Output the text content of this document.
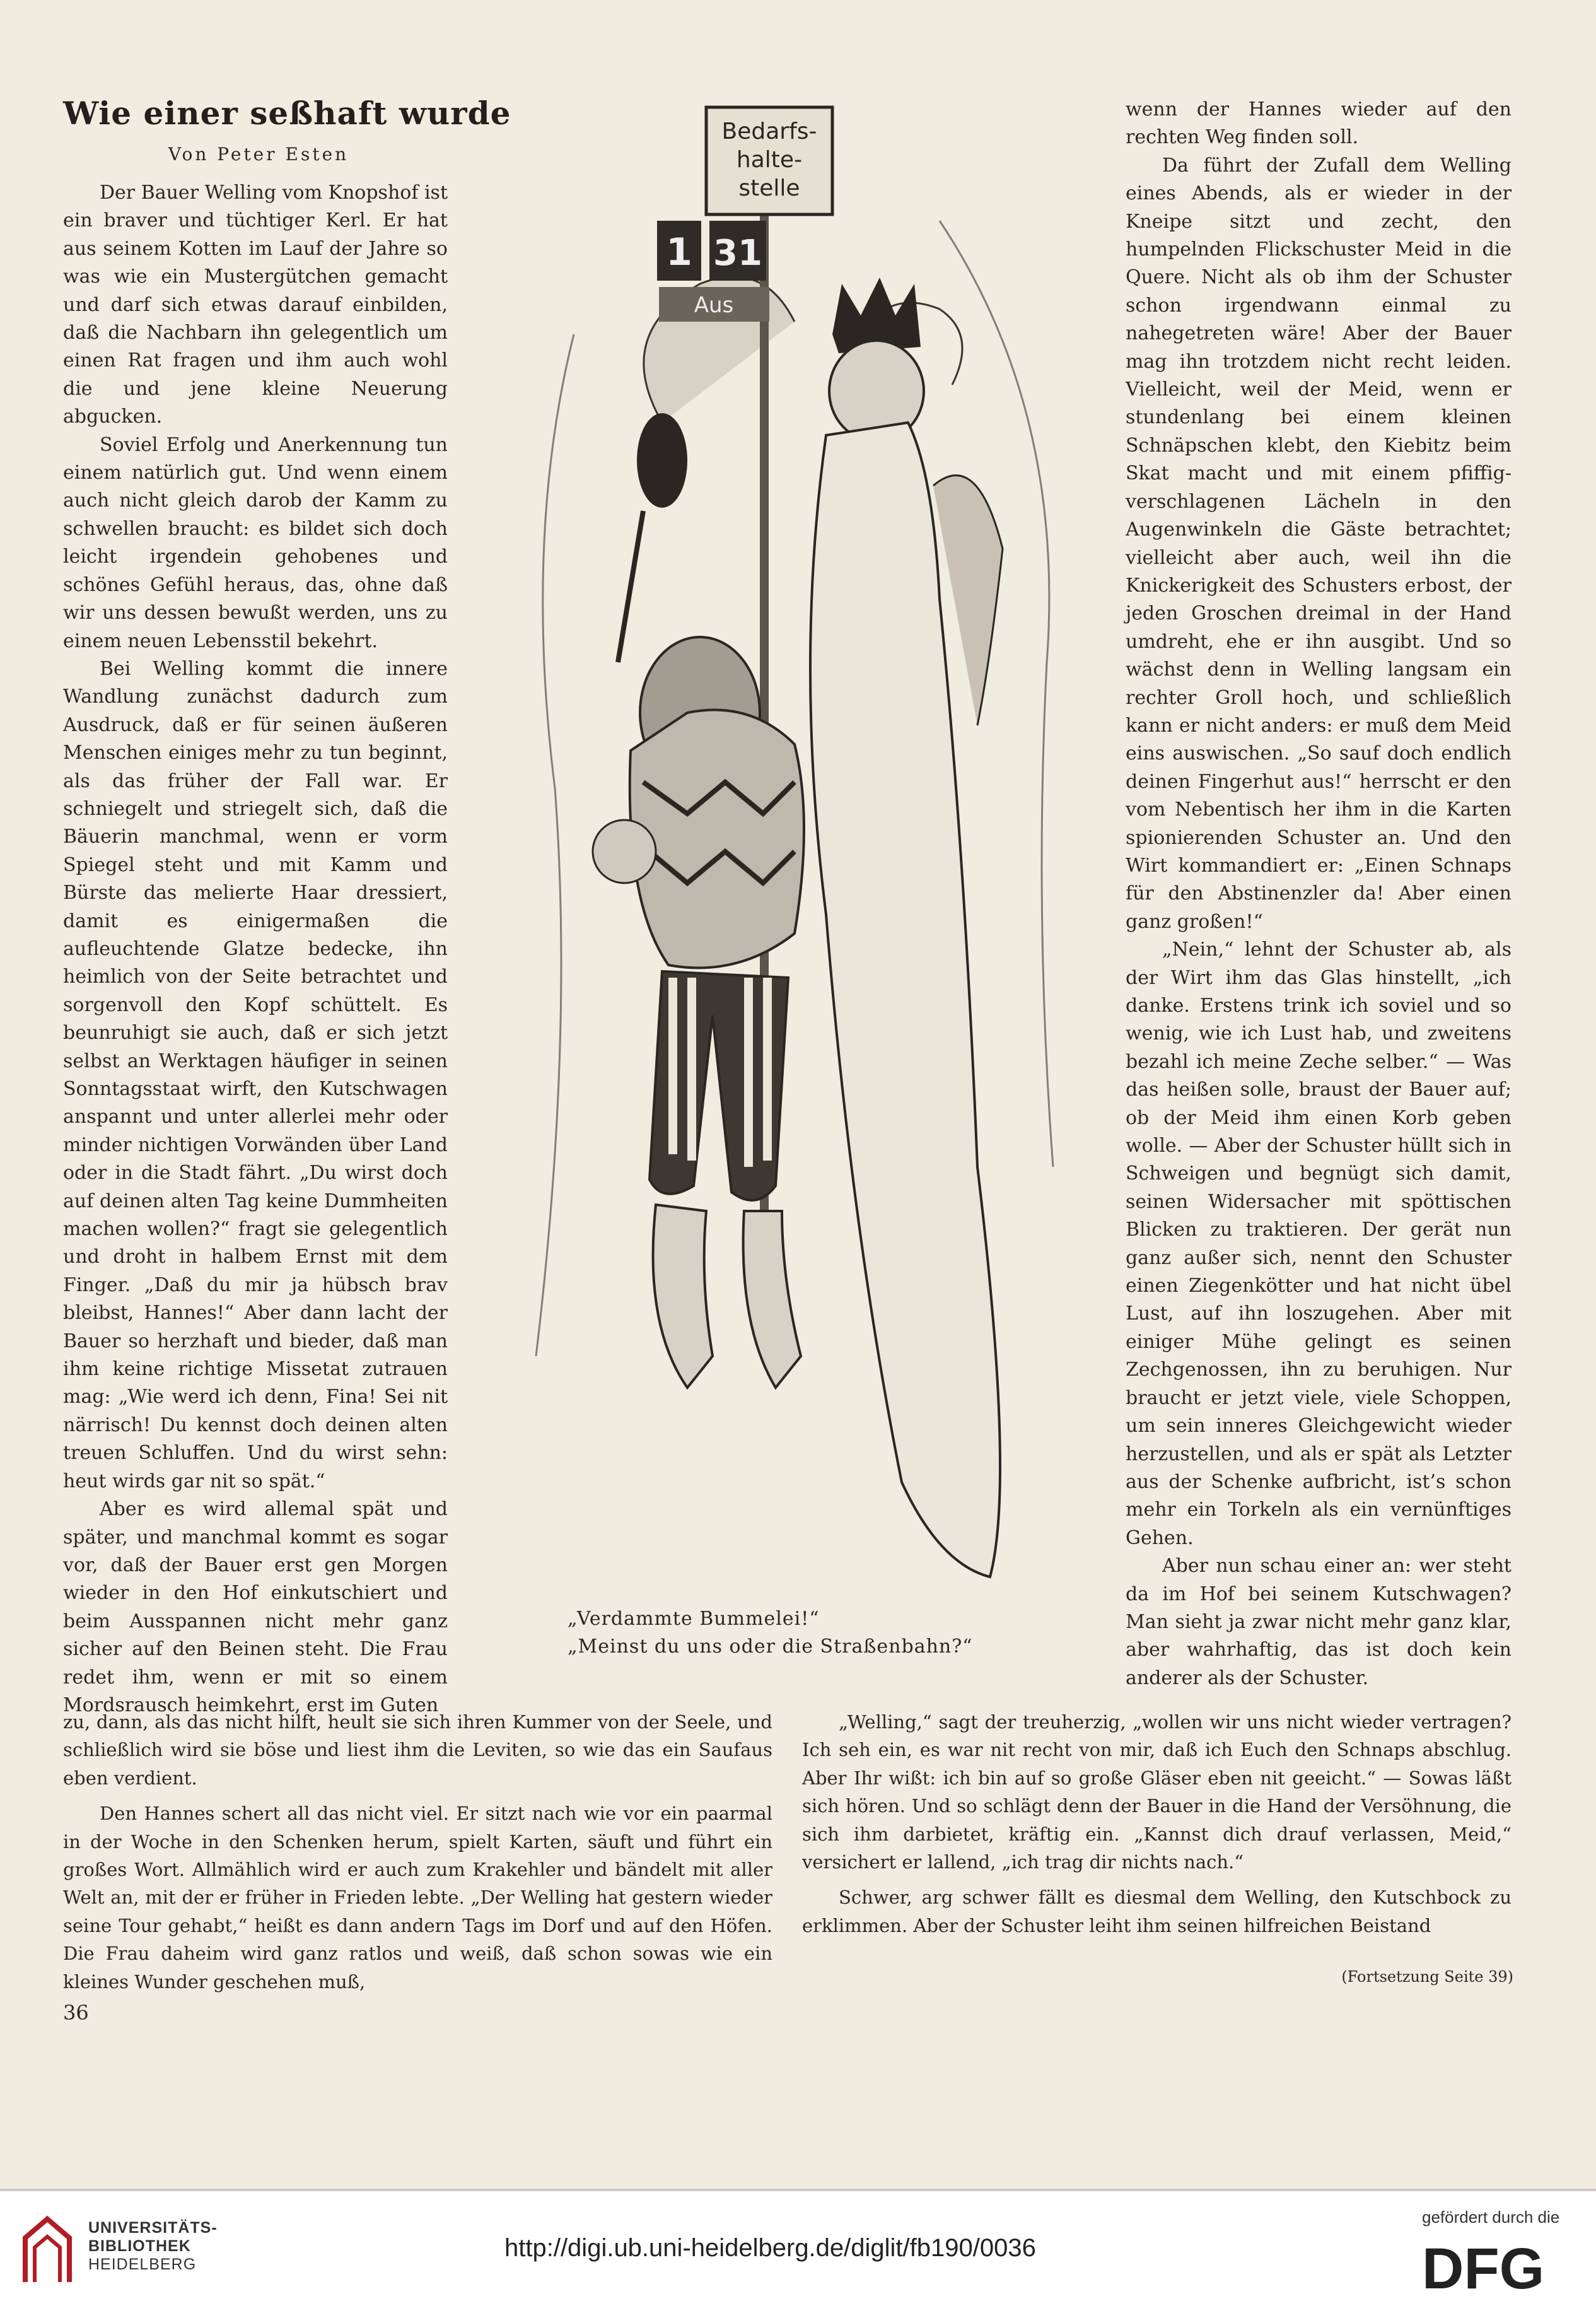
Wie einer seßhaft wurde
Von Peter Esten

Der Bauer Welling vom Knopshof ist ein braver und tüchtiger Kerl. Er hat aus seinem Kotten im Lauf der Jahre so was wie ein Mustergütchen gemacht und darf sich etwas darauf einbilden, daß die Nachbarn ihn gelegentlich um einen Rat fragen und ihm auch wohl die und jene kleine Neuerung abgucken.

Soviel Erfolg und Anerkennung tun einem natürlich gut. Und wenn einem auch nicht gleich darob der Kamm zu schwellen braucht: es bildet sich doch leicht irgendein gehobenes und schönes Gefühl heraus, das, ohne daß wir uns dessen bewußt werden, uns zu einem neuen Lebensstil bekehrt.

Bei Welling kommt die innere Wandlung zunächst dadurch zum Ausdruck, daß er für seinen äußeren Menschen einiges mehr zu tun beginnt, als das früher der Fall war. Er schniegelt und striegelt sich, daß die Bäuerin manchmal, wenn er vorm Spiegel steht und mit Kamm und Bürste das melierte Haar dressiert, damit es einigermaßen die aufleuchtende Glatze bedecke, ihn heimlich von der Seite betrachtet und sorgenvoll den Kopf schüttelt. Es beunruhigt sie auch, daß er sich jetzt selbst an Werktagen häufiger in seinen Sonntagsstaat wirft, den Kutschwagen anspannt und unter allerlei mehr oder minder nichtigen Vorwänden über Land oder in die Stadt fährt. „Du wirst doch auf deinen alten Tag keine Dummheiten machen wollen?“ fragt sie gelegentlich und droht in halbem Ernst mit dem Finger. „Daß du mir ja hübsch brav bleibst, Hannes!“ Aber dann lacht der Bauer so herzhaft und bieder, daß man ihm keine richtige Missetat zutrauen mag: „Wie werd ich denn, Fina! Sei nit närrisch! Du kennst doch deinen alten treuen Schluffen. Und du wirst sehn: heut wirds gar nit so spät.“

Aber es wird allemal spät und später, und manchmal kommt es sogar vor, daß der Bauer erst gen Morgen wieder in den Hof einkutschiert und beim Ausspannen nicht mehr ganz sicher auf den Beinen steht. Die Frau redet ihm, wenn er mit so einem Mordsrausch heimkehrt, erst im Guten

Bedarfs-
halte-
stelle
1 31
Aus
„Verdammte Bummelei!“
„Meinst du uns oder die Straßenbahn?“

wenn der Hannes wieder auf den rechten Weg finden soll.

Da führt der Zufall dem Welling eines Abends, als er wieder in der Kneipe sitzt und zecht, den humpelnden Flickschuster Meid in die Quere. Nicht als ob ihm der Schuster schon irgendwann einmal zu nahegetreten wäre! Aber der Bauer mag ihn trotzdem nicht recht leiden. Vielleicht, weil der Meid, wenn er stundenlang bei einem kleinen Schnäpschen klebt, den Kiebitz beim Skat macht und mit einem pfiffig-verschlagenen Lächeln in den Augenwinkeln die Gäste betrachtet; vielleicht aber auch, weil ihn die Knickerigkeit des Schusters erbost, der jeden Groschen dreimal in der Hand umdreht, ehe er ihn ausgibt. Und so wächst denn in Welling langsam ein rechter Groll hoch, und schließlich kann er nicht anders: er muß dem Meid eins auswischen. „So sauf doch endlich deinen Fingerhut aus!“ herrscht er den vom Nebentisch her ihm in die Karten spionierenden Schuster an. Und den Wirt kommandiert er: „Einen Schnaps für den Abstinenzler da! Aber einen ganz großen!“

„Nein,“ lehnt der Schuster ab, als der Wirt ihm das Glas hinstellt, „ich danke. Erstens trink ich soviel und so wenig, wie ich Lust hab, und zweitens bezahl ich meine Zeche selber.“ — Was das heißen solle, braust der Bauer auf; ob der Meid ihm einen Korb geben wolle. — Aber der Schuster hüllt sich in Schweigen und begnügt sich damit, seinen Widersacher mit spöttischen Blicken zu traktieren. Der gerät nun ganz außer sich, nennt den Schuster einen Ziegenkötter und hat nicht übel Lust, auf ihn loszugehen. Aber mit einiger Mühe gelingt es seinen Zechgenossen, ihn zu beruhigen. Nur braucht er jetzt viele, viele Schoppen, um sein inneres Gleichgewicht wieder herzustellen, und als er spät als Letzter aus der Schenke aufbricht, ist’s schon mehr ein Torkeln als ein vernünftiges Gehen.

Aber nun schau einer an: wer steht da im Hof bei seinem Kutschwagen? Man sieht ja zwar nicht mehr ganz klar, aber wahrhaftig, das ist doch kein anderer als der Schuster.

zu, dann, als das nicht hilft, heult sie sich ihren Kummer von der Seele, und schließlich wird sie böse und liest ihm die Leviten, so wie das ein Saufaus eben verdient.

Den Hannes schert all das nicht viel. Er sitzt nach wie vor ein paarmal in der Woche in den Schenken herum, spielt Karten, säuft und führt ein großes Wort. Allmählich wird er auch zum Krakehler und bändelt mit aller Welt an, mit der er früher in Frieden lebte. „Der Welling hat gestern wieder seine Tour gehabt,“ heißt es dann andern Tags im Dorf und auf den Höfen. Die Frau daheim wird ganz ratlos und weiß, daß schon sowas wie ein kleines Wunder geschehen muß,

„Welling,“ sagt der treuherzig, „wollen wir uns nicht wieder vertragen? Ich seh ein, es war nit recht von mir, daß ich Euch den Schnaps abschlug. Aber Ihr wißt: ich bin auf so große Gläser eben nit geeicht.“ — Sowas läßt sich hören. Und so schlägt denn der Bauer in die Hand der Versöhnung, die sich ihm darbietet, kräftig ein. „Kannst dich drauf verlassen, Meid,“ versichert er lallend, „ich trag dir nichts nach.“

Schwer, arg schwer fällt es diesmal dem Welling, den Kutschbock zu erklimmen. Aber der Schuster leiht ihm seinen hilfreichen Beistand

(Fortsetzung Seite 39)
36
UNIVERSITÄTS-
BIBLIOTHEK
HEIDELBERG
http://digi.ub.uni-heidelberg.de/diglit/fb190/0036
gefördert durch die
DFG
